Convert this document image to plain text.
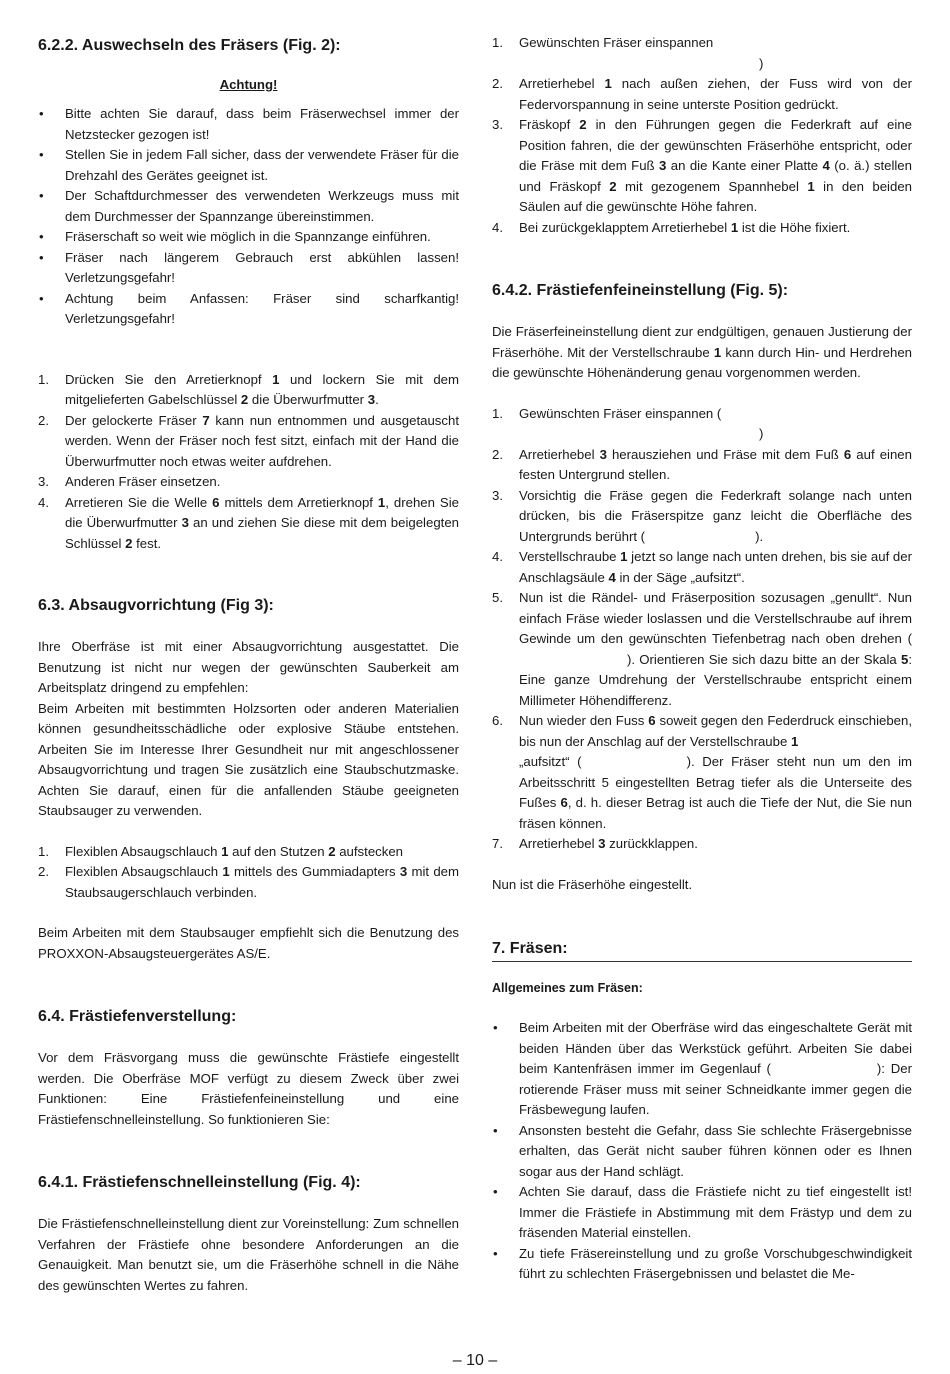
6.2.2. Auswechseln des Fräsers (Fig. 2):

Achtung!
• Bitte achten Sie darauf, dass beim Fräserwechsel immer der Netzstecker gezogen ist!
• Stellen Sie in jedem Fall sicher, dass der verwendete Fräser für die Drehzahl des Gerätes geeignet ist.
• Der Schaftdurchmesser des verwendeten Werkzeugs muss mit dem Durchmesser der Spannzange übereinstimmen.
• Fräserschaft so weit wie möglich in die Spannzange einführen.
• Fräser nach längerem Gebrauch erst abkühlen lassen! Verletzungsgefahr!
• Achtung beim Anfassen: Fräser sind scharfkantig! Verletzungsgefahr!
1. Drücken Sie den Arretierknopf 1 und lockern Sie mit dem mitgelieferten Gabelschlüssel 2 die Überwurfmutter 3.
2. Der gelockerte Fräser 7 kann nun entnommen und ausgetauscht werden. Wenn der Fräser noch fest sitzt, einfach mit der Hand die Überwurfmutter noch etwas weiter aufdrehen.
3. Anderen Fräser einsetzen.
4. Arretieren Sie die Welle 6 mittels dem Arretierknopf 1, drehen Sie die Überwurfmutter 3 an und ziehen Sie diese mit dem beigelegten Schlüssel 2 fest.

6.3. Absaugvorrichtung (Fig 3):

Ihre Oberfräse ist mit einer Absaugvorrichtung ausgestattet. Die Benutzung ist nicht nur wegen der gewünschten Sauberkeit am Arbeitsplatz dringend zu empfehlen:

Beim Arbeiten mit bestimmten Holzsorten oder anderen Materialien können gesundheitsschädliche oder explosive Stäube entstehen. Arbeiten Sie im Interesse Ihrer Gesundheit nur mit angeschlossener Absaugvorrichtung und tragen Sie zusätzlich eine Staubschutzmaske. Achten Sie darauf, einen für die anfallenden Stäube geeigneten Staubsauger zu verwenden.

1. Flexiblen Absaugschlauch 1 auf den Stutzen 2 aufstecken
2. Flexiblen Absaugschlauch 1 mittels des Gummiadapters 3 mit dem Staubsaugerschlauch verbinden.

Beim Arbeiten mit dem Staubsauger empfiehlt sich die Benutzung des PROXXON-Absaugsteuergerätes AS/E.

6.4. Frästiefenverstellung:

Vor dem Fräsvorgang muss die gewünschte Frästiefe eingestellt werden. Die Oberfräse MOF verfügt zu diesem Zweck über zwei Funktionen: Eine Frästiefenfeineinstellung und eine Frästiefenschnelleinstellung. So funktionieren Sie:

6.4.1. Frästiefenschnelleinstellung (Fig. 4):

Die Frästiefenschnelleinstellung dient zur Voreinstellung: Zum schnellen Verfahren der Frästiefe ohne besondere Anforderungen an die Genauigkeit. Man benutzt sie, um die Fräserhöhe schnell in die Nähe des gewünschten Wertes zu fahren.

1. Gewünschten Fräser einspannen
)
2. Arretierhebel 1 nach außen ziehen, der Fuss wird von der Federvorspannung in seine unterste Position gedrückt.
3. Fräskopf 2 in den Führungen gegen die Federkraft auf eine Position fahren, die der gewünschten Fräserhöhe entspricht, oder die Fräse mit dem Fuß 3 an die Kante einer Platte 4 (o. ä.) stellen und Fräskopf 2 mit gezogenem Spannhebel 1 in den beiden Säulen auf die gewünschte Höhe fahren.
4. Bei zurückgeklapptem Arretierhebel 1 ist die Höhe fixiert.

6.4.2. Frästiefenfeineinstellung (Fig. 5):

Die Fräserfeineinstellung dient zur endgültigen, genauen Justierung der Fräserhöhe. Mit der Verstellschraube 1 kann durch Hin- und Herdrehen die gewünschte Höhenänderung genau vorgenommen werden.

1. Gewünschten Fräser einspannen (
)
2. Arretierhebel 3 herausziehen und Fräse mit dem Fuß 6 auf einen festen Untergrund stellen.
3. Vorsichtig die Fräse gegen die Federkraft solange nach unten drücken, bis die Fräserspitze ganz leicht die Oberfläche des Untergrunds berührt (	).
4. Verstellschraube 1 jetzt so lange nach unten drehen, bis sie auf der Anschlagsäule 4 in der Säge „aufsitzt“.
5. Nun ist die Rändel- und Fräserposition sozusagen „genullt“. Nun einfach Fräse wieder loslassen und die Verstellschraube auf ihrem Gewinde um den gewünschten Tiefenbetrag nach oben drehen (). Orientieren Sie sich dazu bitte an der Skala 5: Eine ganze Umdrehung der Verstellschraube entspricht einem Millimeter Höhendifferenz.
6. Nun wieder den Fuss 6 soweit gegen den Federdruck einschieben, bis nun der Anschlag auf der Verstellschraube 1
„aufsitzt“ (	). Der Fräser steht nun um den im Arbeitsschritt 5 eingestellten Betrag tiefer als die Unterseite des Fußes 6, d. h. dieser Betrag ist auch die Tiefe der Nut, die Sie nun fräsen können.
7. Arretierhebel 3 zurückklappen.

Nun ist die Fräserhöhe eingestellt.

7. Fräsen:

Allgemeines zum Fräsen:

• Beim Arbeiten mit der Oberfräse wird das eingeschaltete Gerät mit beiden Händen über das Werkstück geführt. Arbeiten Sie dabei beim Kantenfräsen immer im Gegenlauf (	): Der rotierende Fräser muss mit seiner Schneidkante immer gegen die Fräsbewegung laufen.
• Ansonsten besteht die Gefahr, dass Sie schlechte Fräsergebnisse erhalten, das Gerät nicht sauber führen können oder es Ihnen sogar aus der Hand schlägt.
• Achten Sie darauf, dass die Frästiefe nicht zu tief eingestellt ist! Immer die Frästiefe in Abstimmung mit dem Frästyp und dem zu fräsenden Material einstellen.
• Zu tiefe Fräsereinstellung und zu große Vorschubgeschwindigkeit führt zu schlechten Fräsergebnissen und belastet die Me-
– 10 –
